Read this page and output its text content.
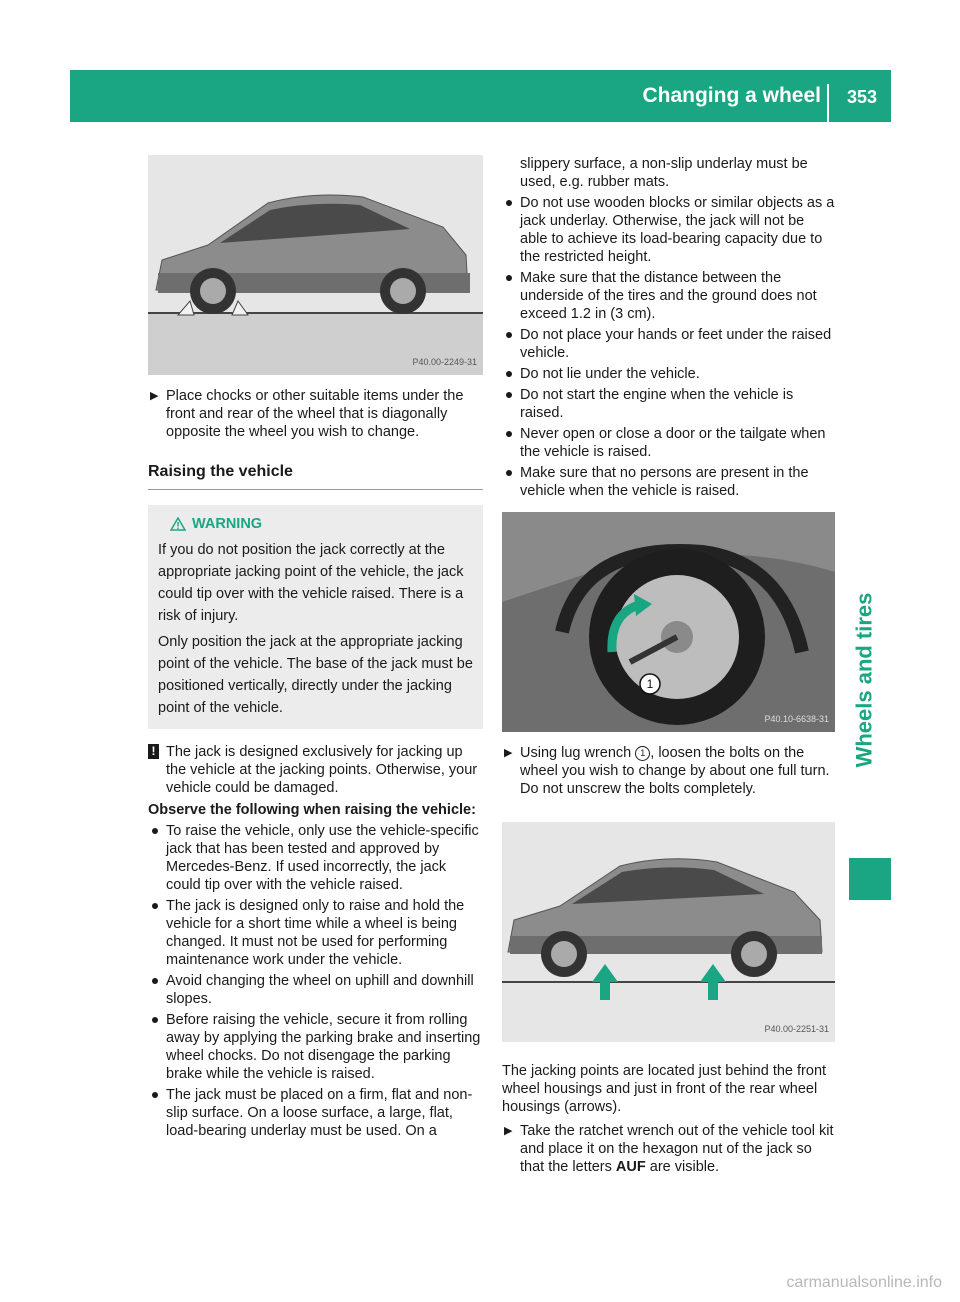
Changing a wheel	353
Wheels and tires
P40.00-2249-31

▶ Place chocks or other suitable items under the front and rear of the wheel that is diagonally opposite the wheel you wish to change.

Raising the vehicle
WARNING
If you do not position the jack correctly at the appropriate jacking point of the vehicle, the jack could tip over with the vehicle raised. There is a risk of injury.
Only position the jack at the appropriate jacking point of the vehicle. The base of the jack must be positioned vertically, directly under the jacking point of the vehicle.
! The jack is designed exclusively for jacking up the vehicle at the jacking points. Otherwise, your vehicle could be damaged.
Observe the following when raising the vehicle:
To raise the vehicle, only use the vehicle-specific jack that has been tested and approved by Mercedes-Benz. If used incorrectly, the jack could tip over with the vehicle raised.
The jack is designed only to raise and hold the vehicle for a short time while a wheel is being changed. It must not be used for performing maintenance work under the vehicle.
Avoid changing the wheel on uphill and downhill slopes.
Before raising the vehicle, secure it from rolling away by applying the parking brake and inserting wheel chocks. Do not disengage the parking brake while the vehicle is raised.
The jack must be placed on a firm, flat and non-slip surface. On a loose surface, a large, flat, load-bearing underlay must be used. On a
slippery surface, a non-slip underlay must be used, e.g. rubber mats.
Do not use wooden blocks or similar objects as a jack underlay. Otherwise, the jack will not be able to achieve its load-bearing capacity due to the restricted height.
Make sure that the distance between the underside of the tires and the ground does not exceed 1.2 in (3 cm).
Do not place your hands or feet under the raised vehicle.
Do not lie under the vehicle.
Do not start the engine when the vehicle is raised.
Never open or close a door or the tailgate when the vehicle is raised.
Make sure that no persons are present in the vehicle when the vehicle is raised.
1
P40.10-6638-31

▶ Using lug wrench 1 , loosen the bolts on the wheel you wish to change by about one full turn. Do not unscrew the bolts completely.

P40.00-2251-31
The jacking points are located just behind the front wheel housings and just in front of the rear wheel housings (arrows).

▶ Take the ratchet wrench out of the vehicle tool kit and place it on the hexagon nut of the jack so that the letters AUF are visible.

carmanualsonline.info
